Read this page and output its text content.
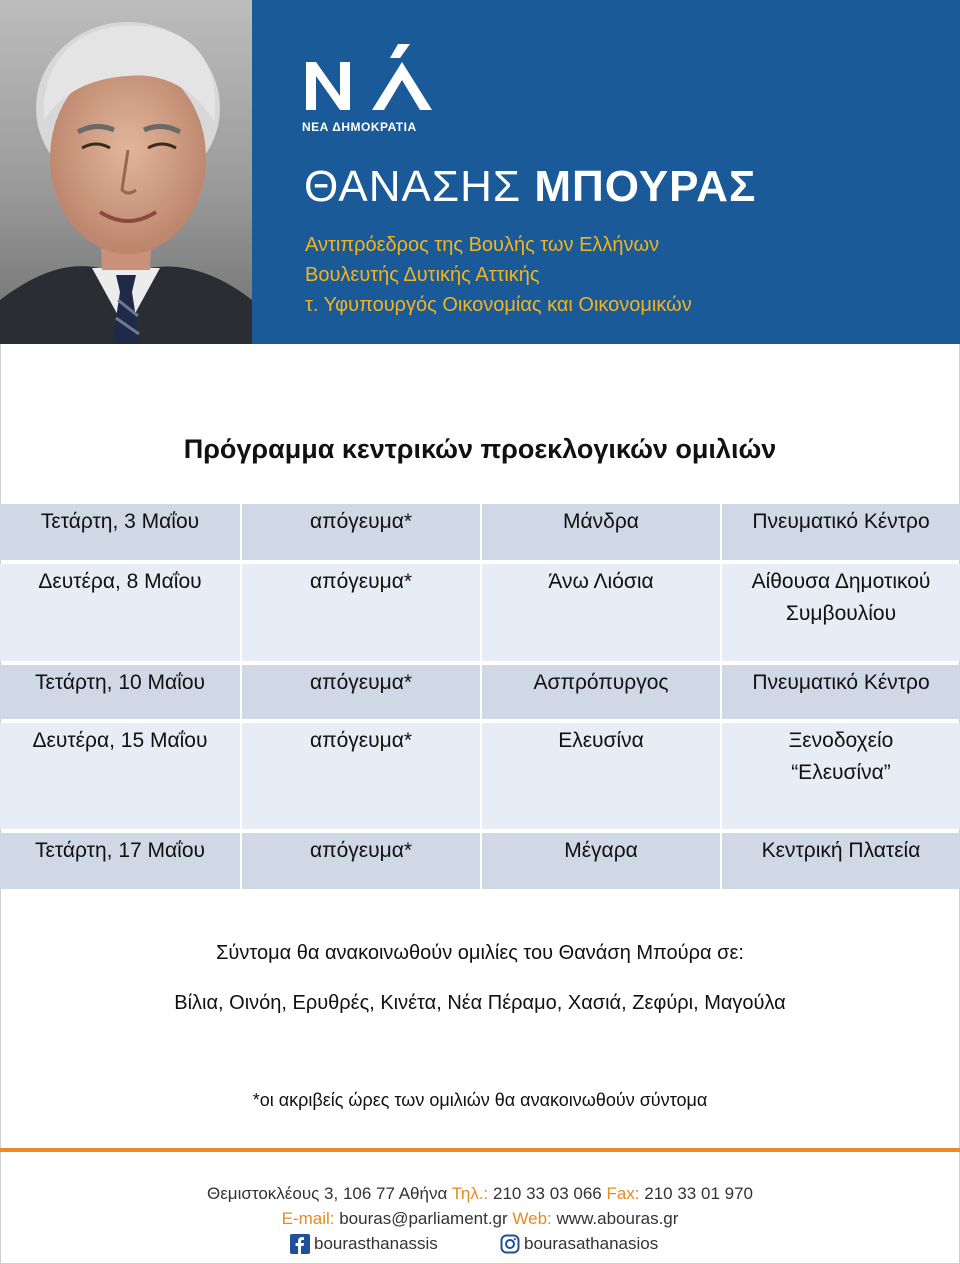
ΝΕΑ ΔΗΜΟΚΡΑΤΙΑ
ΘΑΝΑΣΗΣ ΜΠΟΥΡΑΣ
Αντιπρόεδρος της Βουλής των Ελλήνων
Βουλευτής Δυτικής Αττικής
τ. Υφυπουργός Οικονομίας και Οικονομικών
Πρόγραμμα κεντρικών προεκλογικών ομιλιών
Τετάρτη, 3 Μαΐου	απόγευμα*	Μάνδρα	Πνευματικό Κέντρο
Δευτέρα, 8 Μαΐου	απόγευμα*	Άνω Λιόσια	Αίθουσα Δημοτικού
Συμβουλίου
Τετάρτη, 10 Μαΐου	απόγευμα*	Ασπρόπυργος	Πνευματικό Κέντρο
Δευτέρα, 15 Μαΐου	απόγευμα*	Ελευσίνα	Ξενοδοχείο
“Ελευσίνα”
Τετάρτη, 17 Μαΐου	απόγευμα*	Μέγαρα	Κεντρική Πλατεία
Σύντομα θα ανακοινωθούν ομιλίες του Θανάση Μπούρα σε:
Βίλια, Οινόη, Ερυθρές, Κινέτα, Νέα Πέραμο, Χασιά, Ζεφύρι, Μαγούλα
*οι ακριβείς ώρες των ομιλιών θα ανακοινωθούν σύντομα
Θεμιστοκλέους 3, 106 77 Αθήνα Τηλ.: 210 33 03 066 Fax: 210 33 01 970
E-mail: bouras@parliament.gr Web: www.abouras.gr
bourasthanassis	bourasathanasios
